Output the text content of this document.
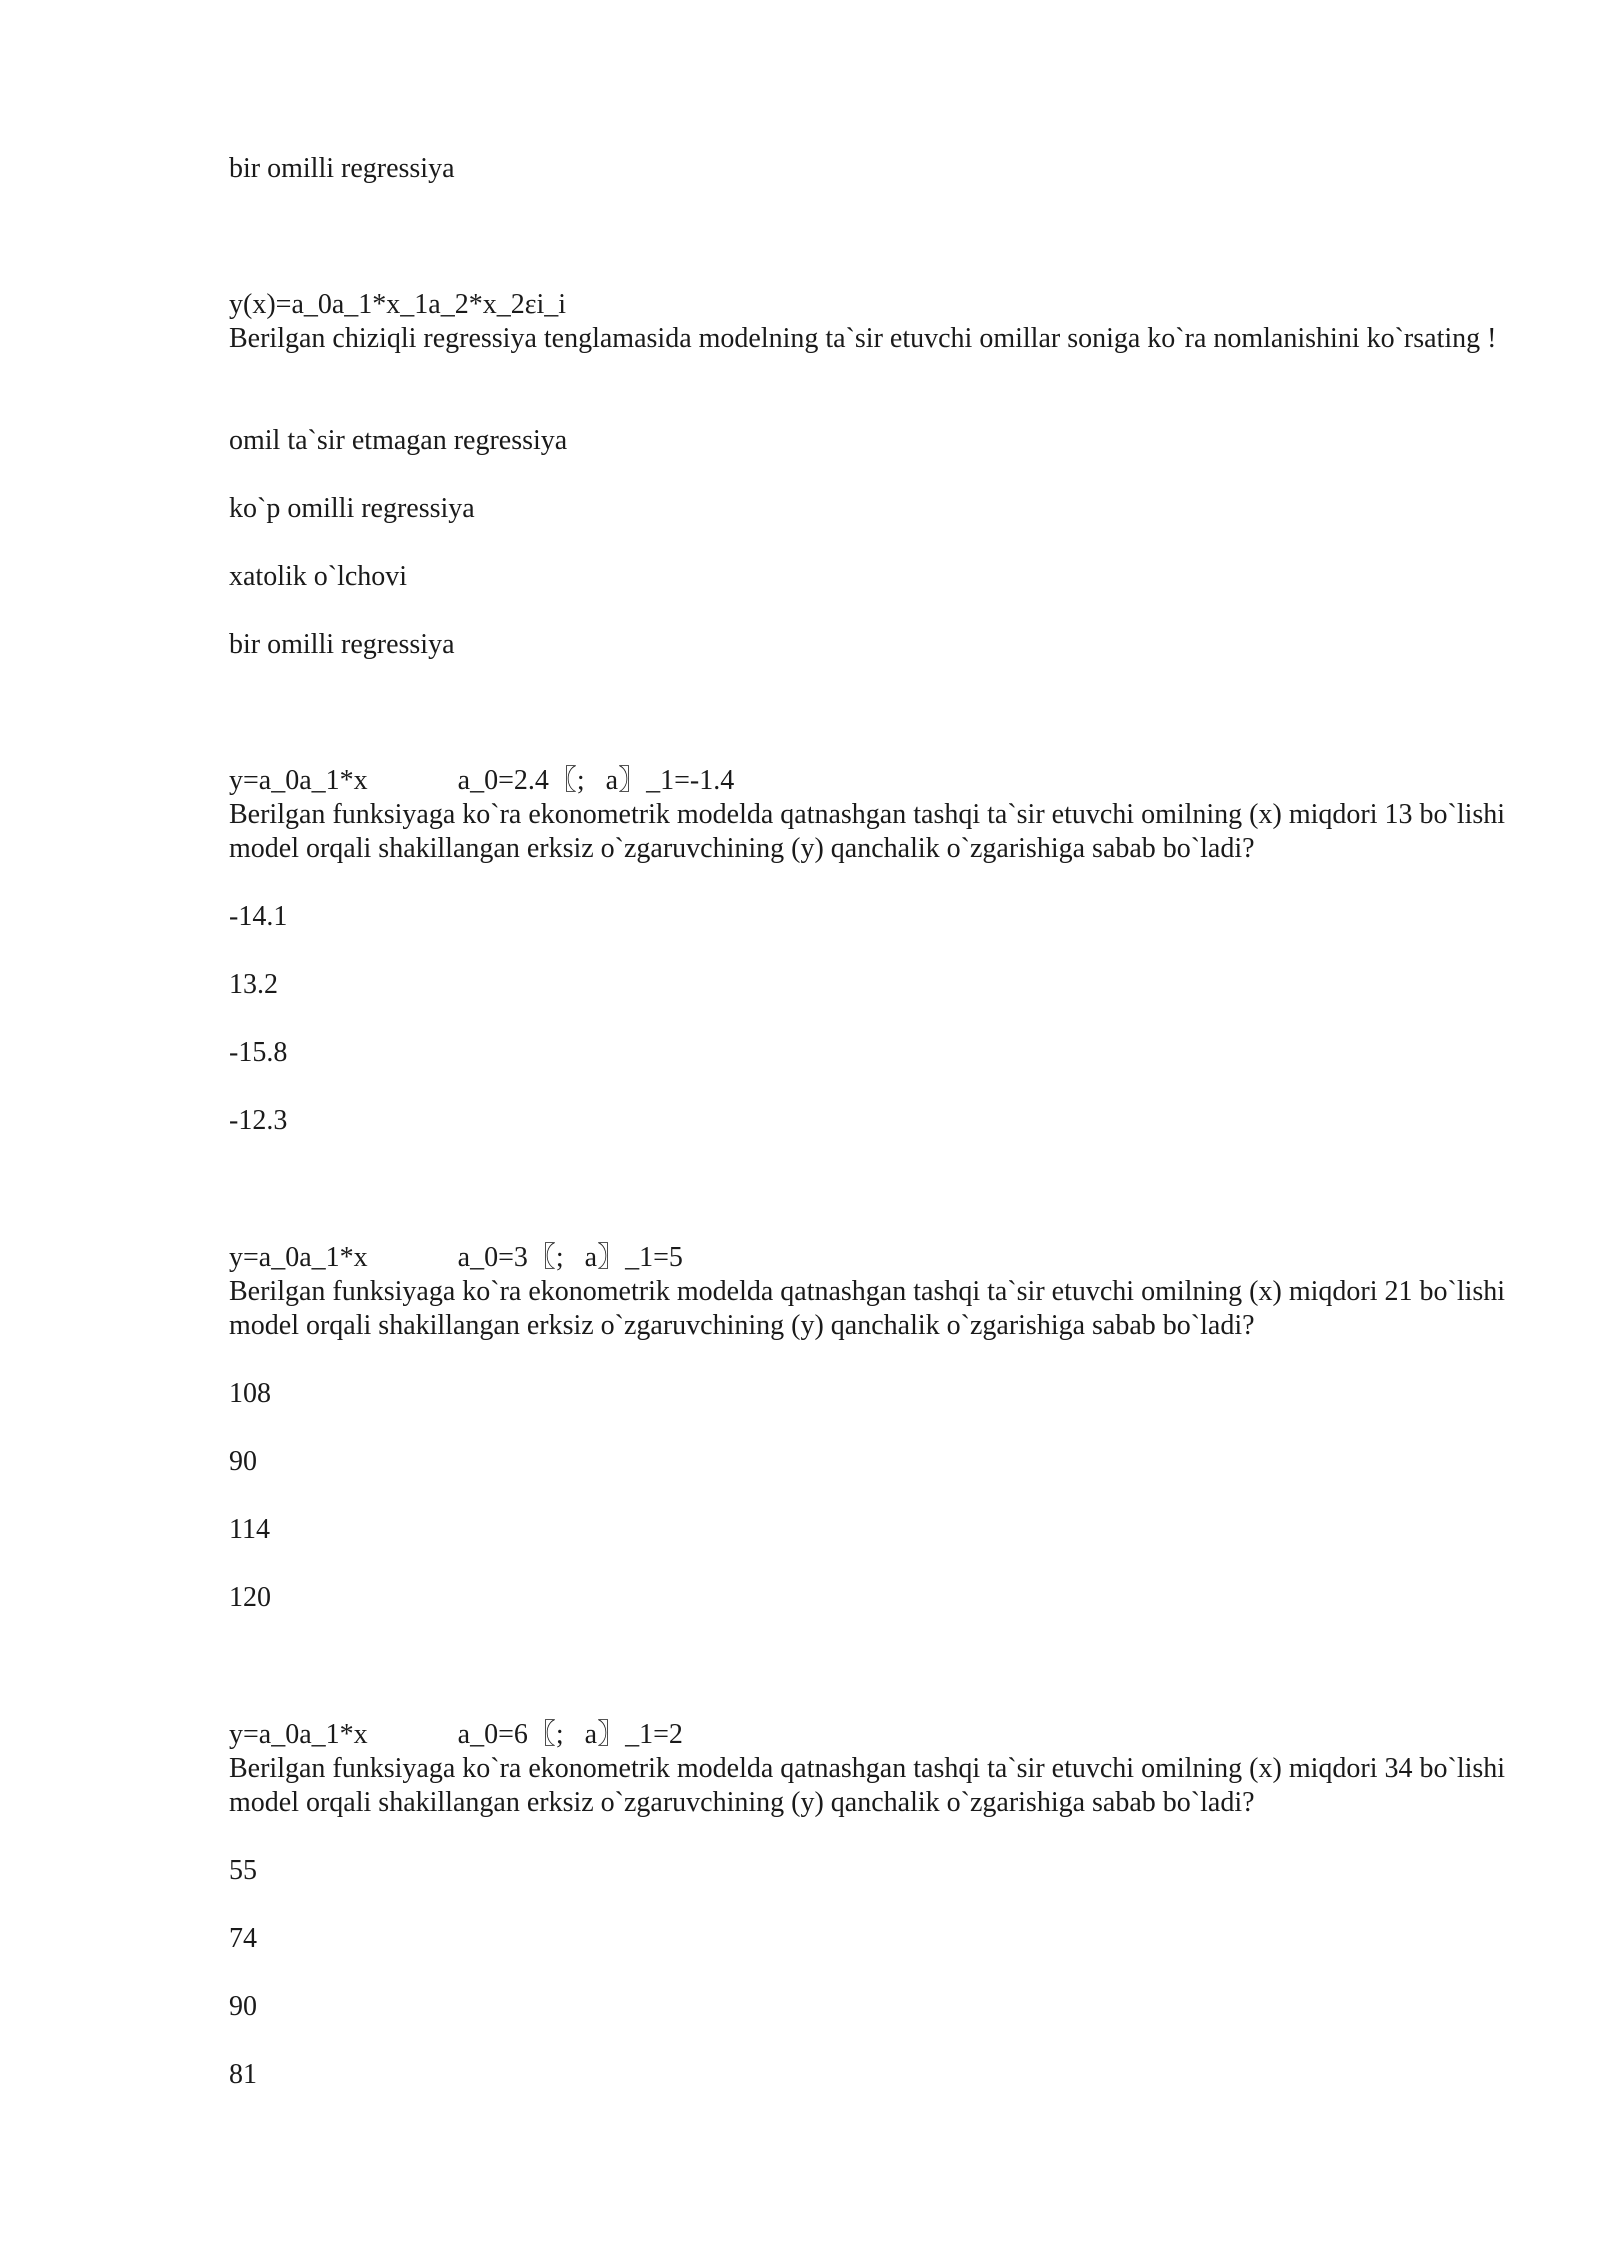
bir omilli regressiya
y(x)=a_0a_1*x_1a_2*x_2εi_i
Berilgan chiziqli regressiya tenglamasida modelning ta`sir etuvchi omillar soniga ko`ra nomlanishini ko`rsating !
omil ta`sir etmagan regressiya
ko`p omilli regressiya
xatolik o`lchovi
bir omilli regressiya
y=a_0a_1*x	a_0=2.4〖;   a〗_1=-1.4
Berilgan funksiyaga ko`ra ekonometrik modelda qatnashgan tashqi ta`sir etuvchi omilning (x) miqdori 13 bo`lishi model orqali shakillangan erksiz o`zgaruvchining (y) qanchalik o`zgarishiga sabab bo`ladi?
-14.1
13.2
-15.8
-12.3
y=a_0a_1*x	a_0=3〖;   a〗_1=5
Berilgan funksiyaga ko`ra ekonometrik modelda qatnashgan tashqi ta`sir etuvchi omilning (x) miqdori 21 bo`lishi model orqali shakillangan erksiz o`zgaruvchining (y) qanchalik o`zgarishiga sabab bo`ladi?
108
90
114
120
y=a_0a_1*x	a_0=6〖;   a〗_1=2
Berilgan funksiyaga ko`ra ekonometrik modelda qatnashgan tashqi ta`sir etuvchi omilning (x) miqdori 34 bo`lishi model orqali shakillangan erksiz o`zgaruvchining (y) qanchalik o`zgarishiga sabab bo`ladi?
55
74
90
81
